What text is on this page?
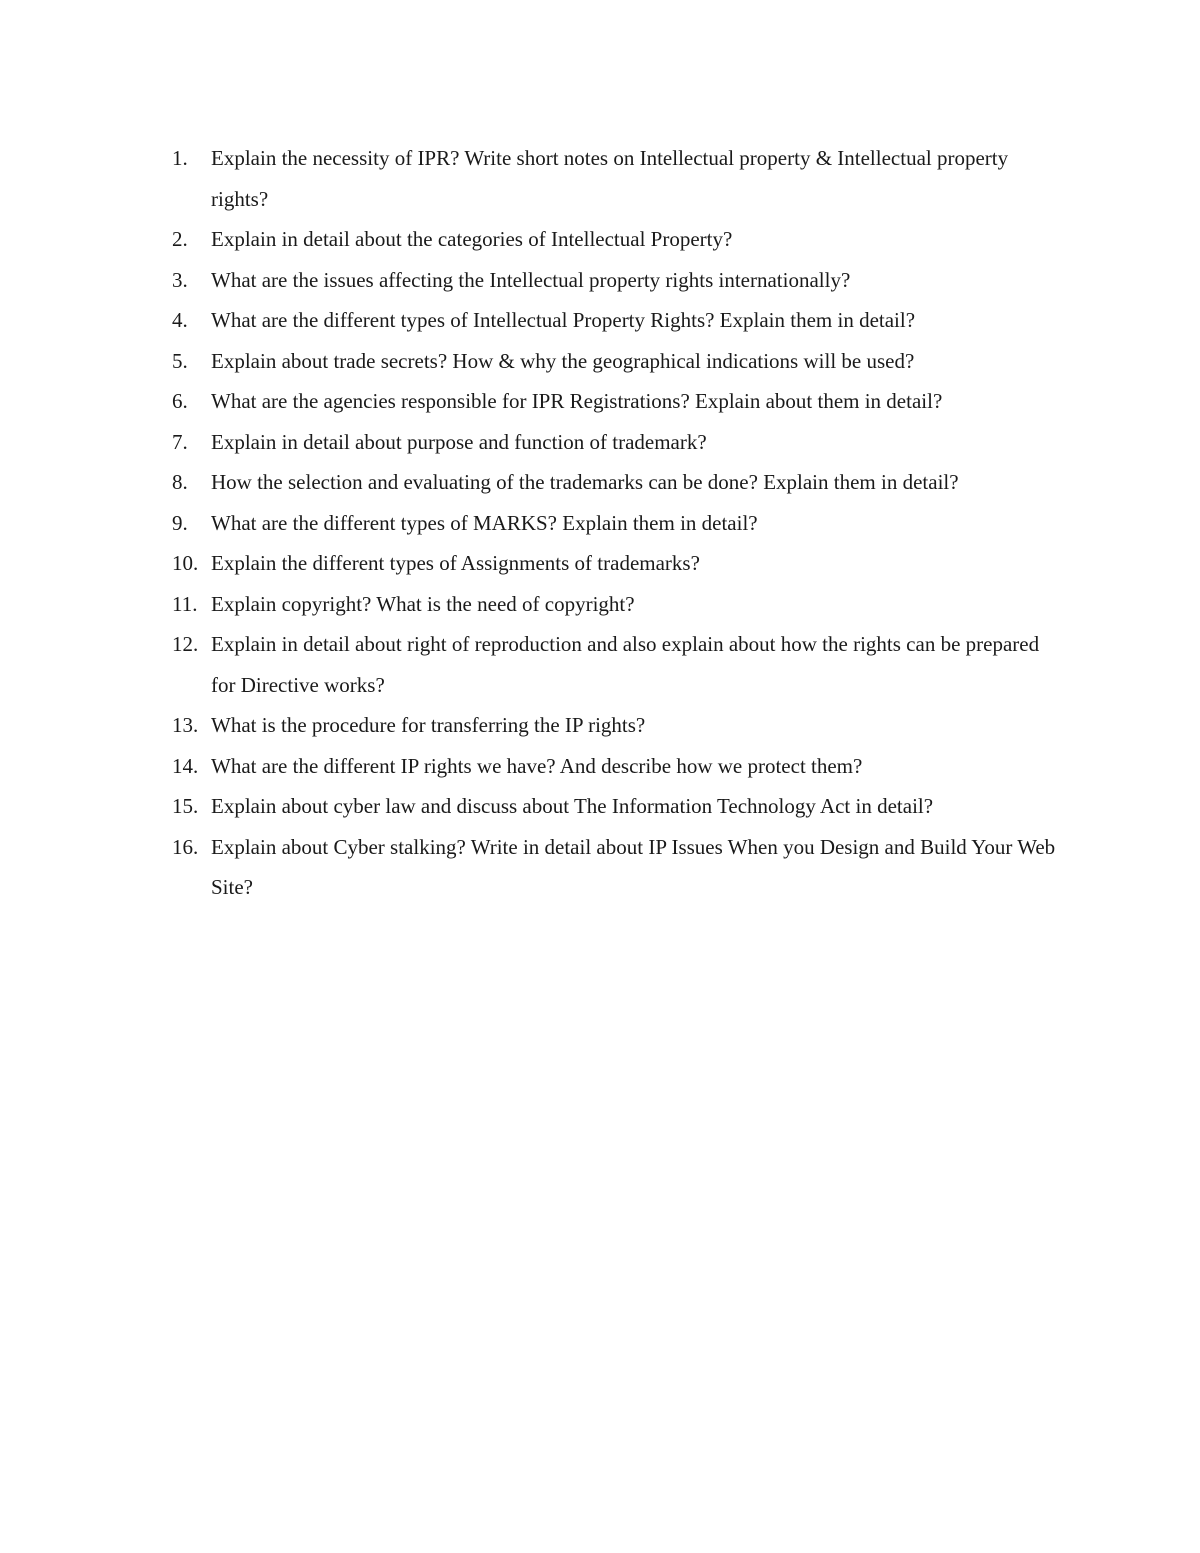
1.	Explain the necessity of IPR? Write short notes on Intellectual property & Intellectual property rights?
2.	Explain in detail about the categories of Intellectual Property?
3.	What are the issues affecting the Intellectual property rights internationally?
4.	What are the different types of Intellectual Property Rights? Explain them in detail?
5.	Explain about trade secrets? How & why the geographical indications will be used?
6.	What are the agencies responsible for IPR Registrations? Explain about them in detail?
7.	Explain in detail about purpose and function of trademark?
8.	How the selection and evaluating of the trademarks can be done? Explain them in detail?
9.	What are the different types of MARKS? Explain them in detail?
10. Explain the different types of Assignments of trademarks?
11. Explain copyright? What is the need of copyright?
12. Explain in detail about right of reproduction and also explain about how the rights can be prepared for Directive works?
13. What is the procedure for transferring the IP rights?
14. What are the different IP rights we have? And describe how we protect them?
15. Explain about cyber law and discuss about The Information Technology Act in detail?
16. Explain about Cyber stalking? Write in detail about IP Issues When you Design and Build Your Web Site?
